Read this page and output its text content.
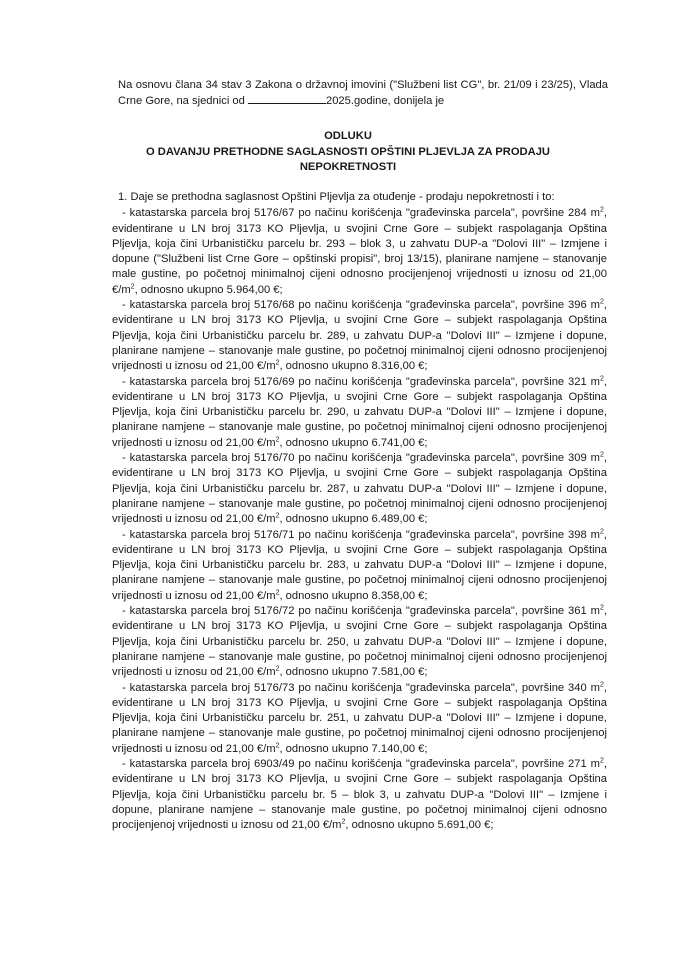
Na osnovu člana 34 stav 3 Zakona o državnoj imovini ("Službeni list CG", br. 21/09 i 23/25), Vlada Crne Gore, na sjednici od	2025.godine, donijela je
ODLUKU
O DAVANJU PRETHODNE SAGLASNOSTI OPŠTINI PLJEVLJA ZA PRODAJU
NEPOKRETNOSTI

1. Daje se prethodna saglasnost Opštini Pljevlja za otuđenje - prodaju nepokretnosti i to:

- katastarska parcela broj 5176/67 po načinu korišćenja "građevinska parcela", površine 284 $m^2$, evidentirane u LN broj 3173 KO Pljevlja, u svojini Crne Gore – subjekt raspolaganja Opština Pljevlja, koja čini Urbanističku parcelu br. 293 – blok 3, u zahvatu DUP-a "Dolovi III" – Izmjene i dopune ("Službeni list Crne Gore – opštinski propisi", broj 13/15), planirane namjene – stanovanje male gustine, po početnoj minimalnoj cijeni odnosno procijenjenoj vrijednosti u iznosu od 21,00 $€/m^2$, odnosno ukupno 5.964,00 €;

- katastarska parcela broj 5176/68 po načinu korišćenja "građevinska parcela", površine 396 $m^2$, evidentirane u LN broj 3173 KO Pljevlja, u svojini Crne Gore – subjekt raspolaganja Opština Pljevlja, koja čini Urbanističku parcelu br. 289, u zahvatu DUP-a "Dolovi III" – Izmjene i dopune, planirane namjene – stanovanje male gustine, po početnoj minimalnoj cijeni odnosno procijenjenoj vrijednosti u iznosu od 21,00 $€/m^2$, odnosno ukupno 8.316,00 €;

- katastarska parcela broj 5176/69 po načinu korišćenja "građevinska parcela", površine 321 $m^2$, evidentirane u LN broj 3173 KO Pljevlja, u svojini Crne Gore – subjekt raspolaganja Opština Pljevlja, koja čini Urbanističku parcelu br. 290, u zahvatu DUP-a "Dolovi III" – Izmjene i dopune, planirane namjene – stanovanje male gustine, po početnoj minimalnoj cijeni odnosno procijenjenoj vrijednosti u iznosu od 21,00 $€/m^2$, odnosno ukupno 6.741,00 €;

- katastarska parcela broj 5176/70 po načinu korišćenja "građevinska parcela", površine 309 $m^2$, evidentirane u LN broj 3173 KO Pljevlja, u svojini Crne Gore – subjekt raspolaganja Opština Pljevlja, koja čini Urbanističku parcelu br. 287, u zahvatu DUP-a "Dolovi III" – Izmjene i dopune, planirane namjene – stanovanje male gustine, po početnoj minimalnoj cijeni odnosno procijenjenoj vrijednosti u iznosu od 21,00 $€/m^2$, odnosno ukupno 6.489,00 €;

- katastarska parcela broj 5176/71 po načinu korišćenja "građevinska parcela", površine 398 $m^2$, evidentirane u LN broj 3173 KO Pljevlja, u svojini Crne Gore – subjekt raspolaganja Opština Pljevlja, koja čini Urbanističku parcelu br. 283, u zahvatu DUP-a "Dolovi III" – Izmjene i dopune, planirane namjene – stanovanje male gustine, po početnoj minimalnoj cijeni odnosno procijenjenoj vrijednosti u iznosu od 21,00 $€/m^2$, odnosno ukupno 8.358,00 €;

- katastarska parcela broj 5176/72 po načinu korišćenja "građevinska parcela", površine 361 $m^2$, evidentirane u LN broj 3173 KO Pljevlja, u svojini Crne Gore – subjekt raspolaganja Opština Pljevlja, koja čini Urbanističku parcelu br. 250, u zahvatu DUP-a "Dolovi III" – Izmjene i dopune, planirane namjene – stanovanje male gustine, po početnoj minimalnoj cijeni odnosno procijenjenoj vrijednosti u iznosu od 21,00 $€/m^2$, odnosno ukupno 7.581,00 €;

- katastarska parcela broj 5176/73 po načinu korišćenja "građevinska parcela", površine 340 $m^2$, evidentirane u LN broj 3173 KO Pljevlja, u svojini Crne Gore – subjekt raspolaganja Opština Pljevlja, koja čini Urbanističku parcelu br. 251, u zahvatu DUP-a "Dolovi III" – Izmjene i dopune, planirane namjene – stanovanje male gustine, po početnoj minimalnoj cijeni odnosno procijenjenoj vrijednosti u iznosu od 21,00 $€/m^2$, odnosno ukupno 7.140,00 €;

- katastarska parcela broj 6903/49 po načinu korišćenja "građevinska parcela", površine 271 $m^2$, evidentirane u LN broj 3173 KO Pljevlja, u svojini Crne Gore – subjekt raspolaganja Opština Pljevlja, koja čini Urbanističku parcelu br. 5 – blok 3, u zahvatu DUP-a "Dolovi III" – Izmjene i dopune, planirane namjene – stanovanje male gustine, po početnoj minimalnoj cijeni odnosno procijenjenoj vrijednosti u iznosu od 21,00 $€/m^2$, odnosno ukupno 5.691,00 €;
